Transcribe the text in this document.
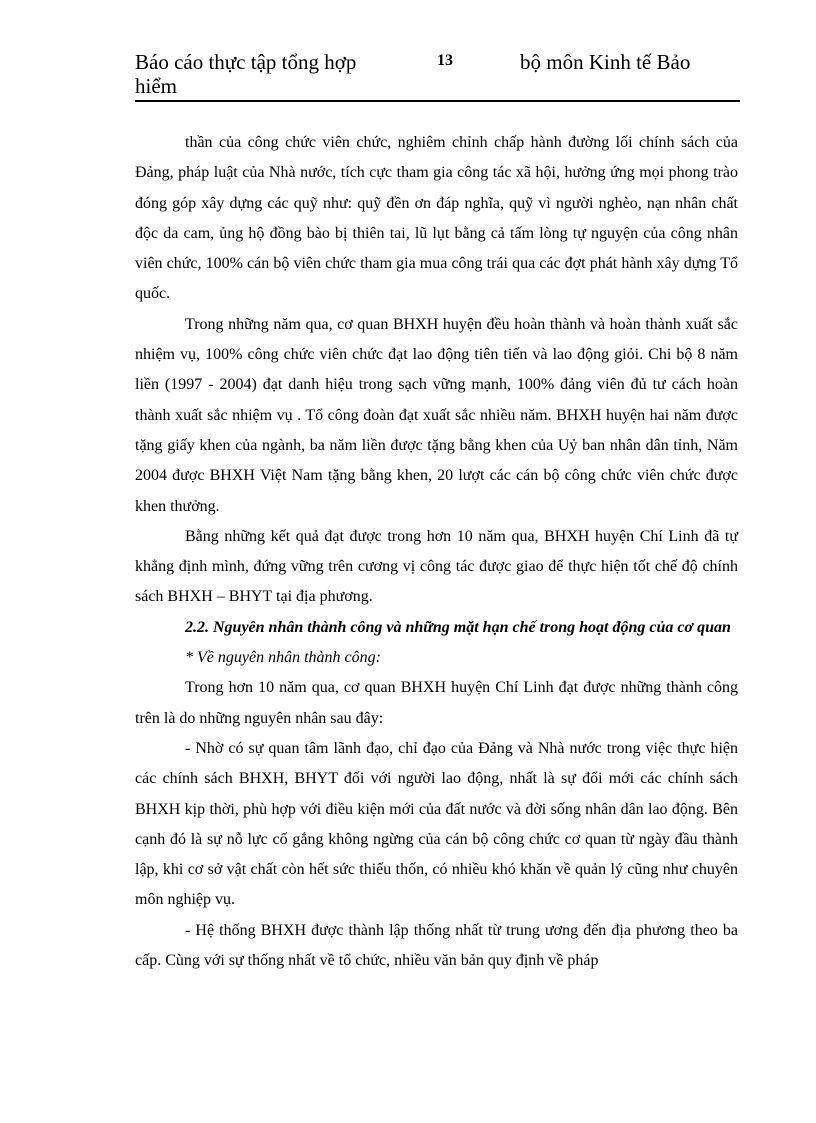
Báo cáo thực tập tổng hợp hiểm
13	bộ môn Kinh tế Bảo

thần của công chức viên chức, nghiêm chỉnh chấp hành đường lối chính sách của Đảng, pháp luật của Nhà nước, tích cực tham gia công tác xã hội, hưởng ứng mọi phong trào đóng góp xây dựng các quỹ như: quỹ đền ơn đáp nghĩa, quỹ vì người nghèo, nạn nhân chất độc da cam, ủng hộ đồng bào bị thiên tai, lũ lụt bằng cả tấm lòng tự nguyện của công nhân viên chức, 100% cán bộ viên chức tham gia mua công trái qua các đợt phát hành xây dựng Tổ quốc.

Trong những năm qua, cơ quan BHXH huyện đều hoàn thành và hoàn thành xuất sắc nhiệm vụ, 100% công chức viên chức đạt lao động tiên tiến và lao động giỏi. Chi bộ 8 năm liền (1997 - 2004) đạt danh hiệu trong sạch vững mạnh, 100% đảng viên đủ tư cách hoàn thành xuất sắc nhiệm vụ . Tổ công đoàn đạt xuất sắc nhiều năm. BHXH huyện hai năm được tặng giấy khen của ngành, ba năm liền được tặng bằng khen của Uỷ ban nhân dân tỉnh, Năm 2004 được BHXH Việt Nam tặng bằng khen, 20 lượt các cán bộ công chức viên chức được khen thưởng.

Bằng những kết quả đạt được trong hơn 10 năm qua, BHXH huyện Chí Linh đã tự khẳng định mình, đứng vững trên cương vị công tác được giao để thực hiện tốt chế độ chính sách BHXH – BHYT tại địa phương.

2.2. Nguyên nhân thành công và những mặt hạn chế trong hoạt động của cơ quan

* Về nguyên nhân thành công:

Trong hơn 10 năm qua, cơ quan BHXH huyện Chí Linh đạt được những thành công trên là do những nguyên nhân sau đây:

- Nhờ có sự quan tâm lãnh đạo, chỉ đạo của Đảng và Nhà nước trong việc thực hiện các chính sách BHXH, BHYT đối với người lao động, nhất là sự đổi mới các chính sách BHXH kịp thời, phù hợp với điều kiện mới của đất nước và đời sống nhân dân lao động. Bên cạnh đó là sự nỗ lực cố gắng không ngừng của cán bộ công chức cơ quan từ ngày đầu thành lập, khi cơ sở vật chất còn hết sức thiếu thốn, có nhiều khó khăn về quản lý cũng như chuyên môn nghiệp vụ.

- Hệ thống BHXH được thành lập thống nhất từ trung ương đến địa phương theo ba cấp. Cùng với sự thống nhất về tổ chức, nhiều văn bản quy định về pháp
